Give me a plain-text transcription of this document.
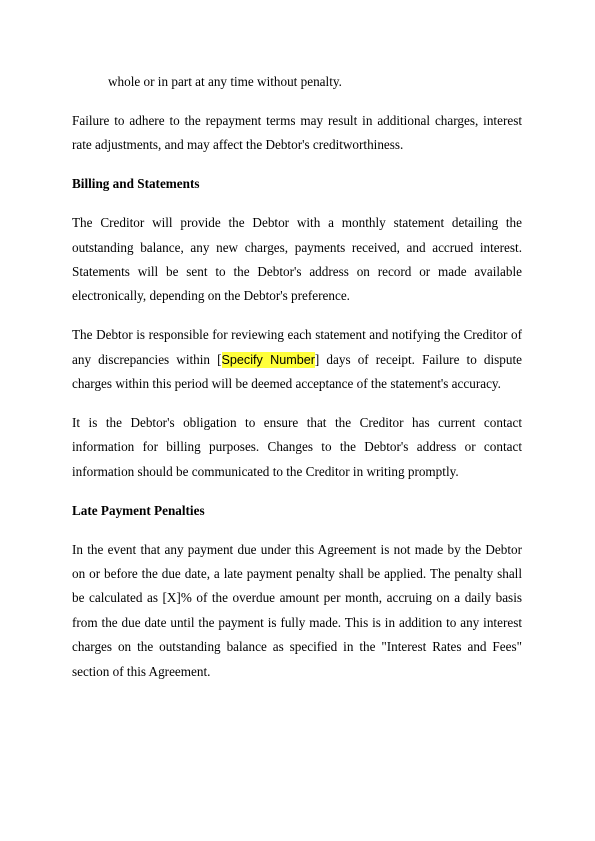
whole or in part at any time without penalty.

Failure to adhere to the repayment terms may result in additional charges, interest rate adjustments, and may affect the Debtor's creditworthiness.

Billing and Statements

The Creditor will provide the Debtor with a monthly statement detailing the outstanding balance, any new charges, payments received, and accrued interest. Statements will be sent to the Debtor's address on record or made available electronically, depending on the Debtor's preference.

The Debtor is responsible for reviewing each statement and notifying the Creditor of any discrepancies within [Specify Number] days of receipt. Failure to dispute charges within this period will be deemed acceptance of the statement's accuracy.

It is the Debtor's obligation to ensure that the Creditor has current contact information for billing purposes. Changes to the Debtor's address or contact information should be communicated to the Creditor in writing promptly.

Late Payment Penalties

In the event that any payment due under this Agreement is not made by the Debtor on or before the due date, a late payment penalty shall be applied. The penalty shall be calculated as [X]% of the overdue amount per month, accruing on a daily basis from the due date until the payment is fully made. This is in addition to any interest charges on the outstanding balance as specified in the "Interest Rates and Fees" section of this Agreement.
